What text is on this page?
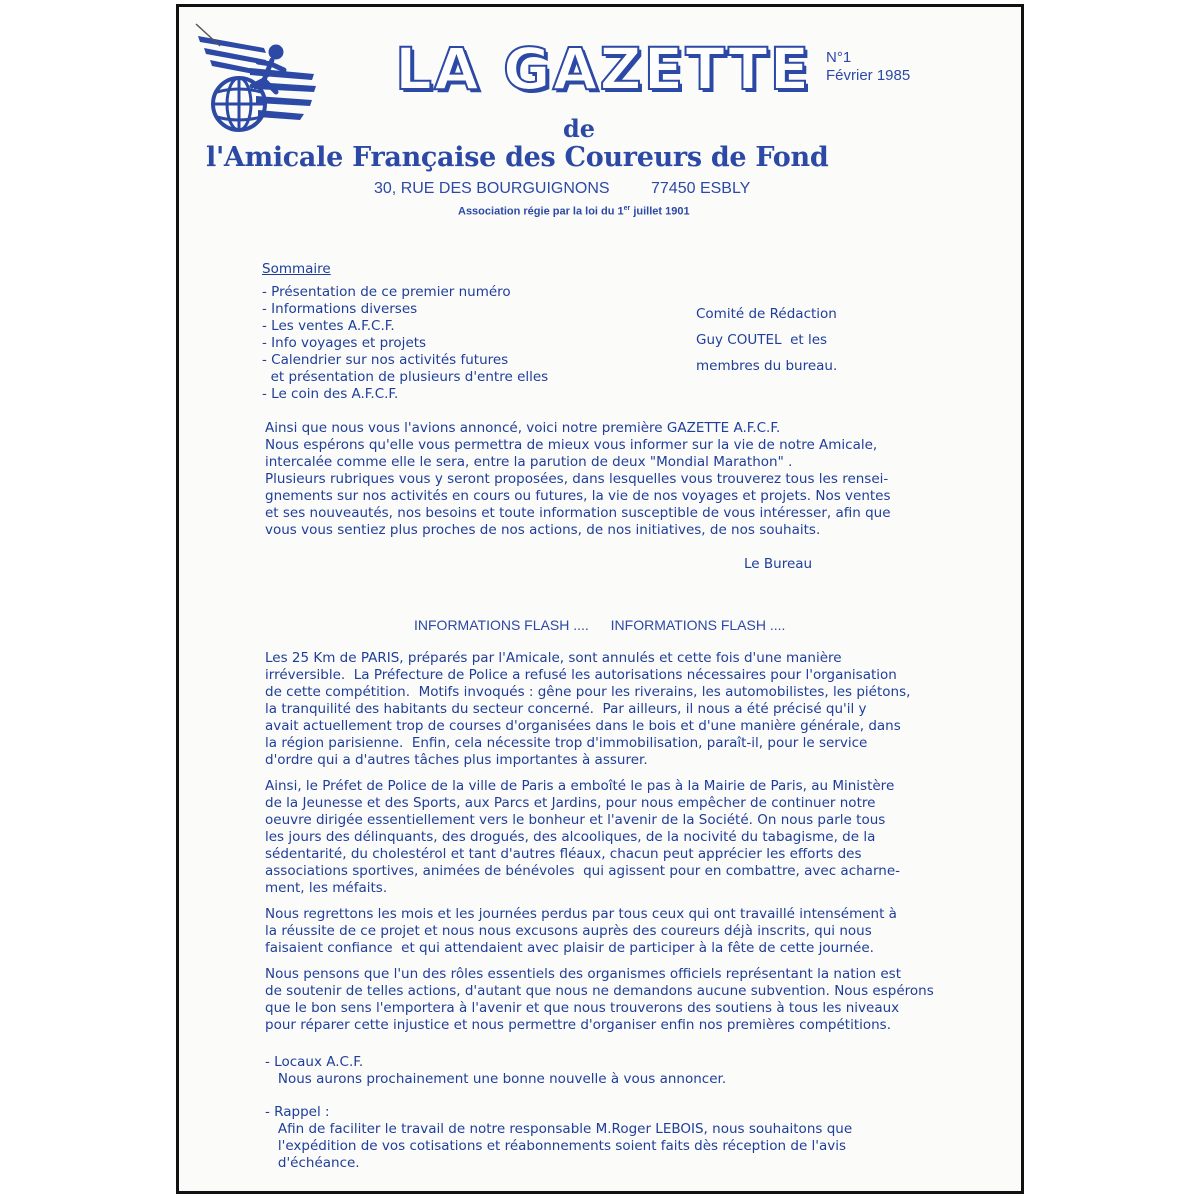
LA GAZETTE
de
l'Amicale Française des Coureurs de Fond
30, RUE DES BOURGUIGNONS	77450 ESBLY
Association régie par la loi du 1er juillet 1901
N°1
Février 1985
Sommaire
- Présentation de ce premier numéro
- Informations diverses
- Les ventes A.F.C.F.
- Info voyages et projets
- Calendrier sur nos activités futures
et présentation de plusieurs d'entre elles
- Le coin des A.F.C.F.
Comité de Rédaction
Guy COUTEL  et les
membres du bureau.
Ainsi que nous vous l'avions annoncé, voici notre première GAZETTE A.F.C.F.
Nous espérons qu'elle vous permettra de mieux vous informer sur la vie de notre Amicale,
intercalée comme elle le sera, entre la parution de deux "Mondial Marathon" .
Plusieurs rubriques vous y seront proposées, dans lesquelles vous trouverez tous les rensei-
gnements sur nos activités en cours ou futures, la vie de nos voyages et projets. Nos ventes
et ses nouveautés, nos besoins et toute information susceptible de vous intéresser, afin que
vous vous sentiez plus proches de nos actions, de nos initiatives, de nos souhaits.
Le Bureau
INFORMATIONS FLASH .... INFORMATIONS FLASH ....
Les 25 Km de PARIS, préparés par l'Amicale, sont annulés et cette fois d'une manière
irréversible.  La Préfecture de Police a refusé les autorisations nécessaires pour l'organisation
de cette compétition.  Motifs invoqués : gêne pour les riverains, les automobilistes, les piétons,
la tranquilité des habitants du secteur concerné.  Par ailleurs, il nous a été précisé qu'il y
avait actuellement trop de courses d'organisées dans le bois et d'une manière générale, dans
la région parisienne.  Enfin, cela nécessite trop d'immobilisation, paraît-il, pour le service
d'ordre qui a d'autres tâches plus importantes à assurer.
Ainsi, le Préfet de Police de la ville de Paris a emboîté le pas à la Mairie de Paris, au Ministère
de la Jeunesse et des Sports, aux Parcs et Jardins, pour nous empêcher de continuer notre
oeuvre dirigée essentiellement vers le bonheur et l'avenir de la Société. On nous parle tous
les jours des délinquants, des drogués, des alcooliques, de la nocivité du tabagisme, de la
sédentarité, du cholestérol et tant d'autres fléaux, chacun peut apprécier les efforts des
associations sportives, animées de bénévoles  qui agissent pour en combattre, avec acharne-
ment, les méfaits.
Nous regrettons les mois et les journées perdus par tous ceux qui ont travaillé intensément à
la réussite de ce projet et nous nous excusons auprès des coureurs déjà inscrits, qui nous
faisaient confiance  et qui attendaient avec plaisir de participer à la fête de cette journée.
Nous pensons que l'un des rôles essentiels des organismes officiels représentant la nation est
de soutenir de telles actions, d'autant que nous ne demandons aucune subvention. Nous espérons
que le bon sens l'emportera à l'avenir et que nous trouverons des soutiens à tous les niveaux
pour réparer cette injustice et nous permettre d'organiser enfin nos premières compétitions.
- Locaux A.C.F.
Nous aurons prochainement une bonne nouvelle à vous annoncer.
- Rappel :
Afin de faciliter le travail de notre responsable M.Roger LEBOIS, nous souhaitons que
l'expédition de vos cotisations et réabonnements soient faits dès réception de l'avis
d'échéance.
